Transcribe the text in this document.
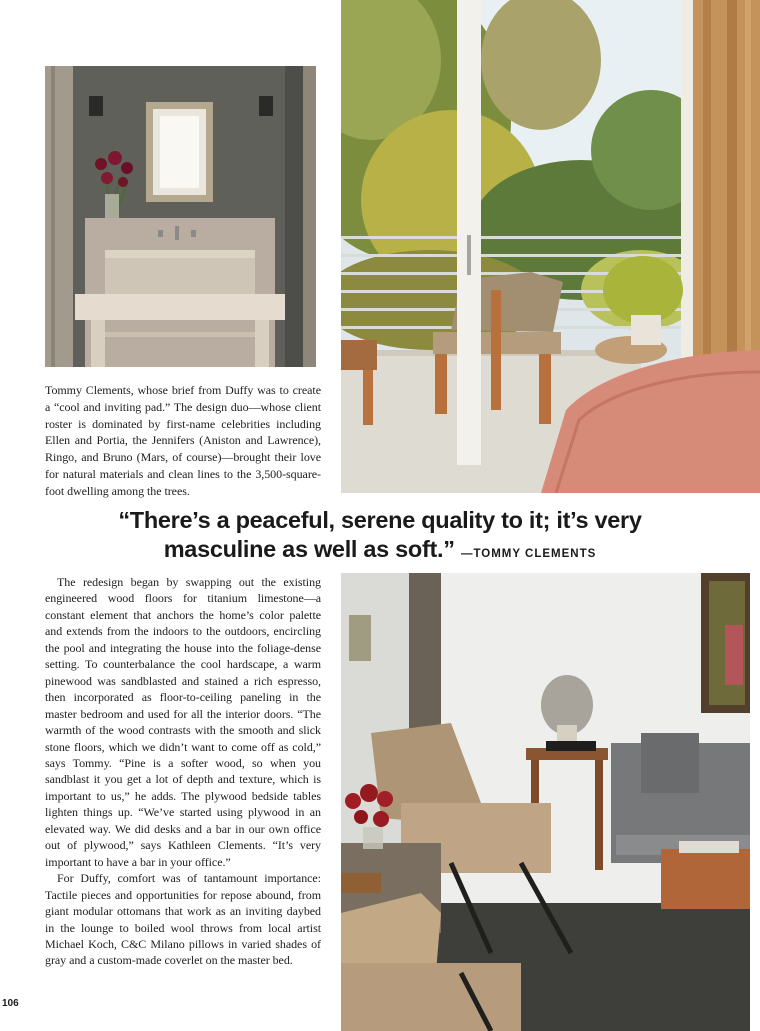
Tommy Clements, whose brief from Duffy was to create a “cool and inviting pad.” The design duo—whose client roster is dominated by first-name celebrities including Ellen and Portia, the Jennifers (Aniston and Lawrence), Ringo, and Bruno (Mars, of course)—brought their love for natural materials and clean lines to the 3,500-square-foot dwelling among the trees.

“There’s a peaceful, serene quality to it; it’s very
masculine as well as soft.” —TOMMY CLEMENTS

The redesign began by swapping out the existing engineered wood floors for titanium limestone—a constant element that anchors the home’s color palette and extends from the indoors to the outdoors, encircling the pool and integrating the house into the foliage-dense setting. To counterbalance the cool hardscape, a warm pinewood was sandblasted and stained a rich espresso, then incorporated as floor-to-ceiling paneling in the master bedroom and used for all the interior doors. “The warmth of the wood contrasts with the smooth and slick stone floors, which we didn’t want to come off as cold,” says Tommy. “Pine is a softer wood, so when you sandblast it you get a lot of depth and texture, which is important to us,” he adds. The plywood bedside tables lighten things up. “We’ve started using plywood in an elevated way. We did desks and a bar in our own office out of plywood,” says Kathleen Clements. “It’s very important to have a bar in your office.”

For Duffy, comfort was of tantamount importance: Tactile pieces and opportunities for repose abound, from giant modular ottomans that work as an inviting daybed in the lounge to boiled wool throws from local artist Michael Koch, C&C Milano pillows in varied shades of gray and a custom-made coverlet on the master bed.

106
